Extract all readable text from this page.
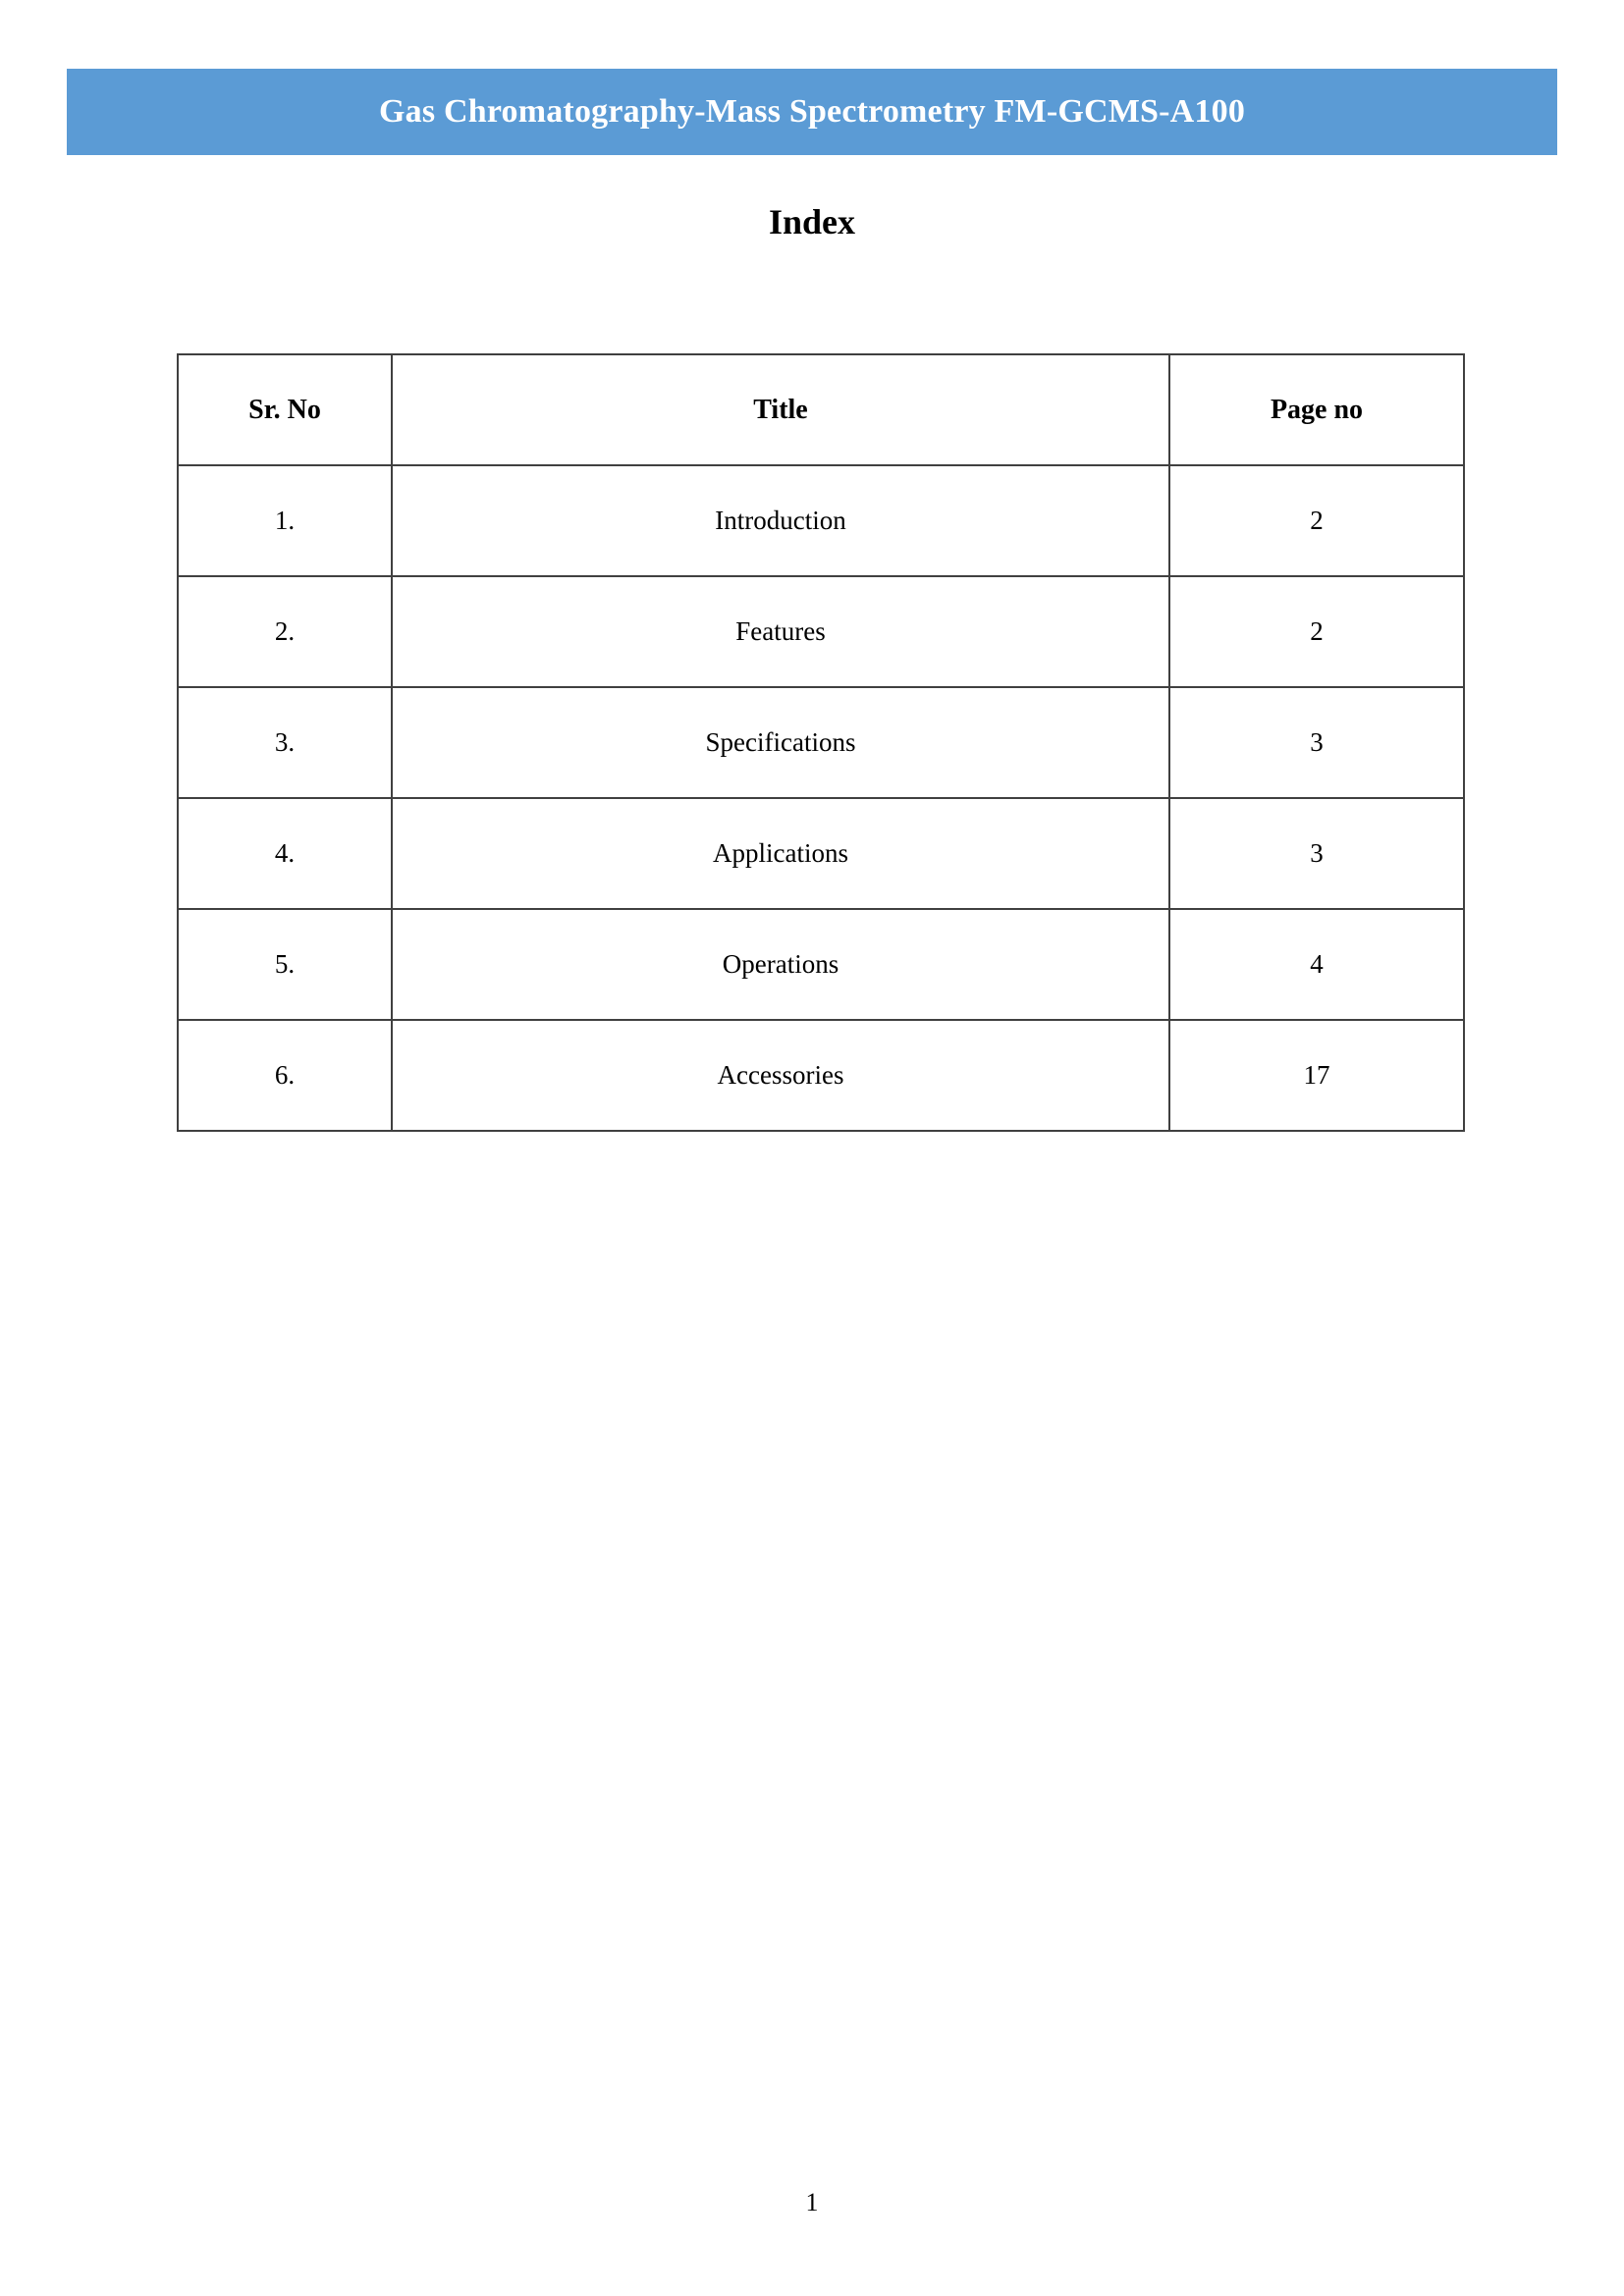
Gas Chromatography-Mass Spectrometry FM-GCMS-A100
Index
Sr. No	Title	Page no
1.	Introduction	2
2.	Features	2
3.	Specifications	3
4.	Applications	3
5.	Operations	4
6.	Accessories	17
1
